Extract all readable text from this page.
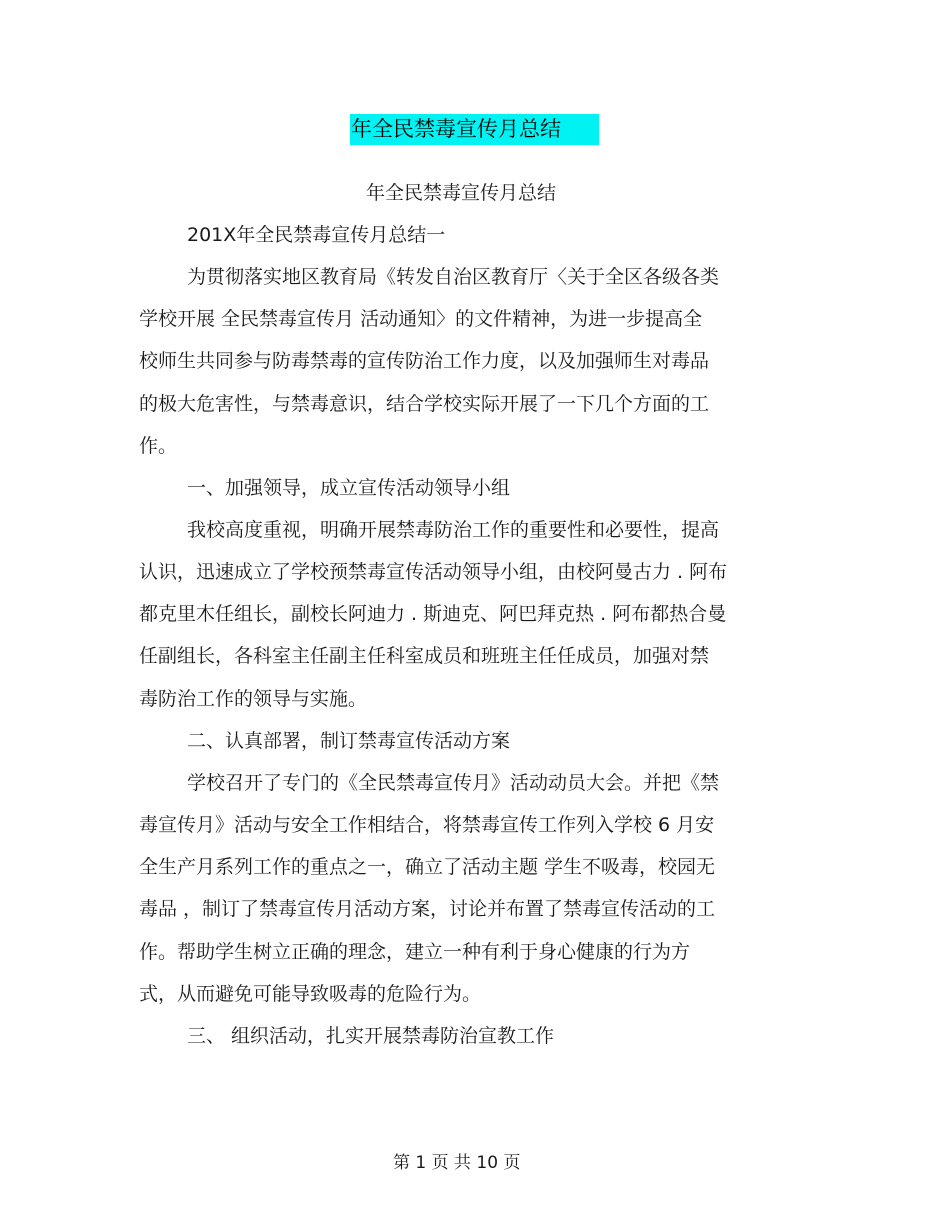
年全民禁毒宣传月总结
年全民禁毒宣传月总结
201X年全民禁毒宣传月总结一
为贯彻落实地区教育局《转发自治区教育厅〈关于全区各级各类
学校开展 全民禁毒宣传月 活动通知〉的文件精神，为进一步提高全
校师生共同参与防毒禁毒的宣传防治工作力度，以及加强师生对毒品
的极大危害性，与禁毒意识，结合学校实际开展了一下几个方面的工
作。
一、加强领导，成立宣传活动领导小组
我校高度重视，明确开展禁毒防治工作的重要性和必要性，提高
认识，迅速成立了学校预禁毒宣传活动领导小组，由校阿曼古力 . 阿布
都克里木任组长，副校长阿迪力 . 斯迪克、阿巴拜克热 . 阿布都热合曼
任副组长，各科室主任副主任科室成员和班班主任任成员，加强对禁
毒防治工作的领导与实施。
二、认真部署，制订禁毒宣传活动方案
学校召开了专门的《全民禁毒宣传月》活动动员大会。并把《禁
毒宣传月》活动与安全工作相结合，将禁毒宣传工作列入学校 6 月安
全生产月系列工作的重点之一，确立了活动主题 学生不吸毒，校园无
毒品 ，制订了禁毒宣传月活动方案，讨论并布置了禁毒宣传活动的工
作。帮助学生树立正确的理念，建立一种有利于身心健康的行为方
式，从而避免可能导致吸毒的危险行为。
三、 组织活动，扎实开展禁毒防治宣教工作
第 1 页 共 10 页
